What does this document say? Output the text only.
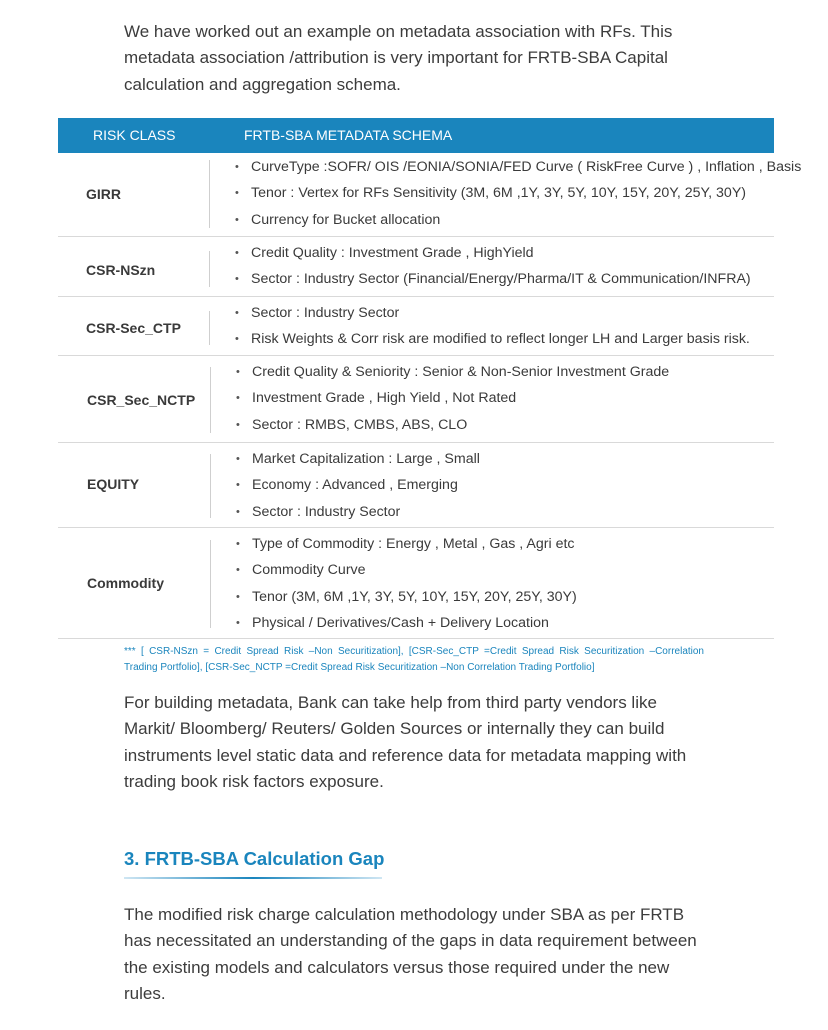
We have worked out an example on metadata association with RFs. This metadata association /attribution is very important for FRTB-SBA Capital calculation and aggregation schema.

RISK CLASS	FRTB-SBA METADATA SCHEMA
GIRR
• CurveType :SOFR/ OIS /EONIA/SONIA/FED Curve ( RiskFree Curve ) , Inflation , Basis
• Tenor : Vertex for RFs Sensitivity (3M, 6M ,1Y, 3Y, 5Y, 10Y, 15Y, 20Y, 25Y, 30Y)
• Currency for Bucket allocation
CSR-NSzn
• Credit Quality : Investment Grade , HighYield
• Sector : Industry Sector (Financial/Energy/Pharma/IT & Communication/INFRA)
CSR-Sec_CTP
• Sector : Industry Sector
• Risk Weights & Corr risk are modified to reflect longer LH and Larger basis risk.
CSR_Sec_NCTP
• Credit Quality & Seniority : Senior & Non-Senior Investment Grade
• Investment Grade , High Yield , Not Rated
• Sector : RMBS, CMBS, ABS, CLO
EQUITY
• Market Capitalization : Large , Small
• Economy : Advanced , Emerging
• Sector : Industry Sector
Commodity
• Type of Commodity : Energy , Metal , Gas , Agri etc
• Commodity Curve
• Tenor (3M, 6M ,1Y, 3Y, 5Y, 10Y, 15Y, 20Y, 25Y, 30Y)
• Physical / Derivatives/Cash + Delivery Location

*** [ CSR-NSzn = Credit Spread Risk –Non Securitization], [CSR-Sec_CTP =Credit Spread Risk Securitization –Correlation Trading Portfolio], [CSR-Sec_NCTP =Credit Spread Risk Securitization –Non Correlation Trading Portfolio]

For building metadata, Bank can take help from third party vendors like Markit/ Bloomberg/ Reuters/ Golden Sources or internally they can build instruments level static data and reference data for metadata mapping with trading book risk factors exposure.

3. FRTB-SBA Calculation Gap

The modified risk charge calculation methodology under SBA as per FRTB has necessitated an understanding of the gaps in data requirement between the existing models and calculators versus those required under the new rules.
